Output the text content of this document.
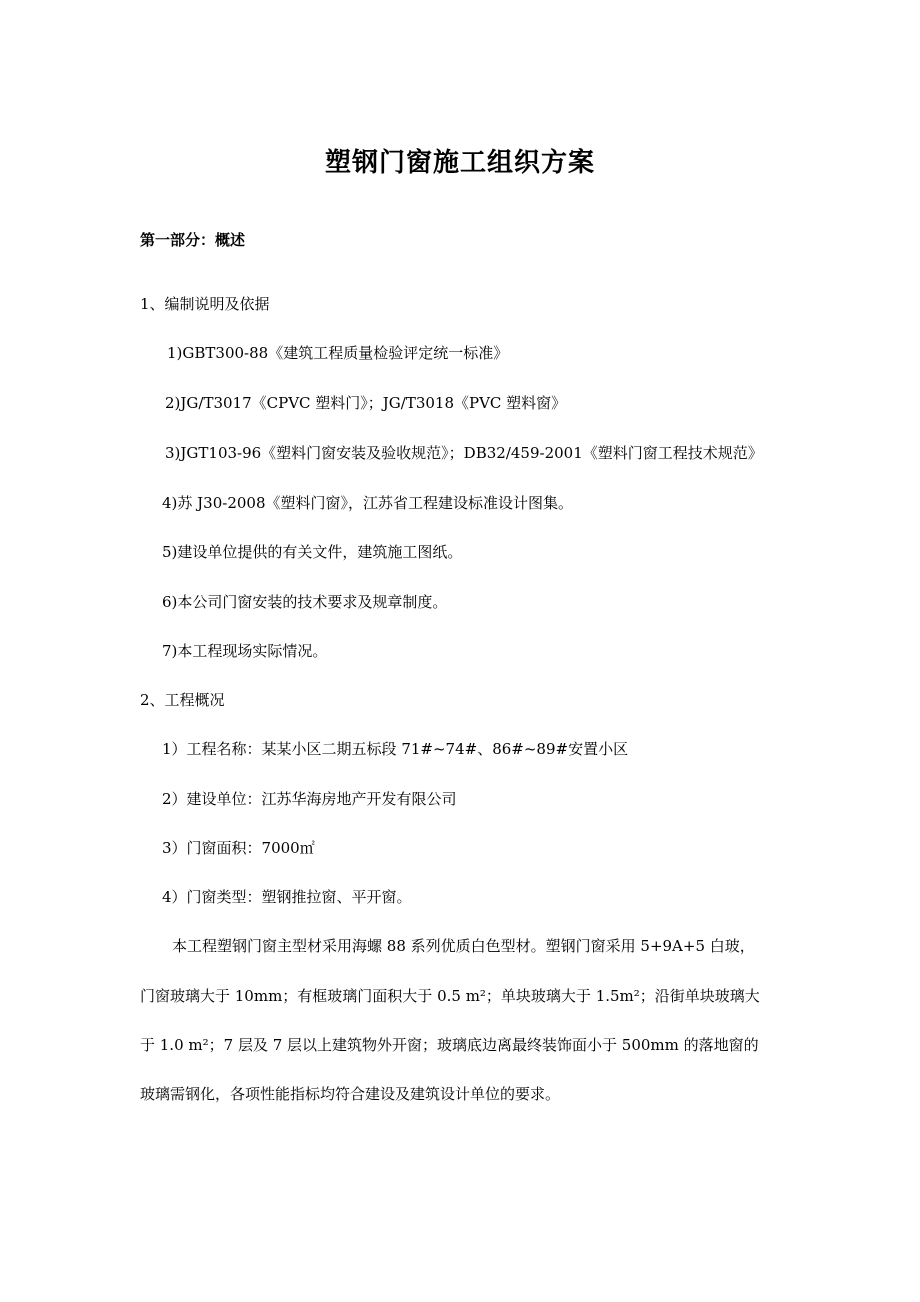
塑钢门窗施工组织方案
第一部分：概述
1、编制说明及依据
1)GBT300-88《建筑工程质量检验评定统一标准》
2)JG/T3017《CPVC 塑料门》；JG/T3018《PVC 塑料窗》
3)JGT103-96《塑料门窗安装及验收规范》；DB32/459-2001《塑料门窗工程技术规范》
4)苏 J30-2008《塑料门窗》，江苏省工程建设标准设计图集。
5)建设单位提供的有关文件，建筑施工图纸。
6)本公司门窗安装的技术要求及规章制度。
7)本工程现场实际情况。
2、工程概况
1）工程名称：某某小区二期五标段 71#~74#、86#~89#安置小区
2）建设单位：江苏华海房地产开发有限公司
3）门窗面积：7000㎡
4）门窗类型：塑钢推拉窗、平开窗。
本工程塑钢门窗主型材采用海螺 88 系列优质白色型材。塑钢门窗采用 5+9A+5 白玻，
门窗玻璃大于 10mm；有框玻璃门面积大于 0.5 m²；单块玻璃大于 1.5m²；沿街单块玻璃大
于 1.0 m²；7 层及 7 层以上建筑物外开窗；玻璃底边离最终装饰面小于 500mm 的落地窗的
玻璃需钢化，各项性能指标均符合建设及建筑设计单位的要求。
